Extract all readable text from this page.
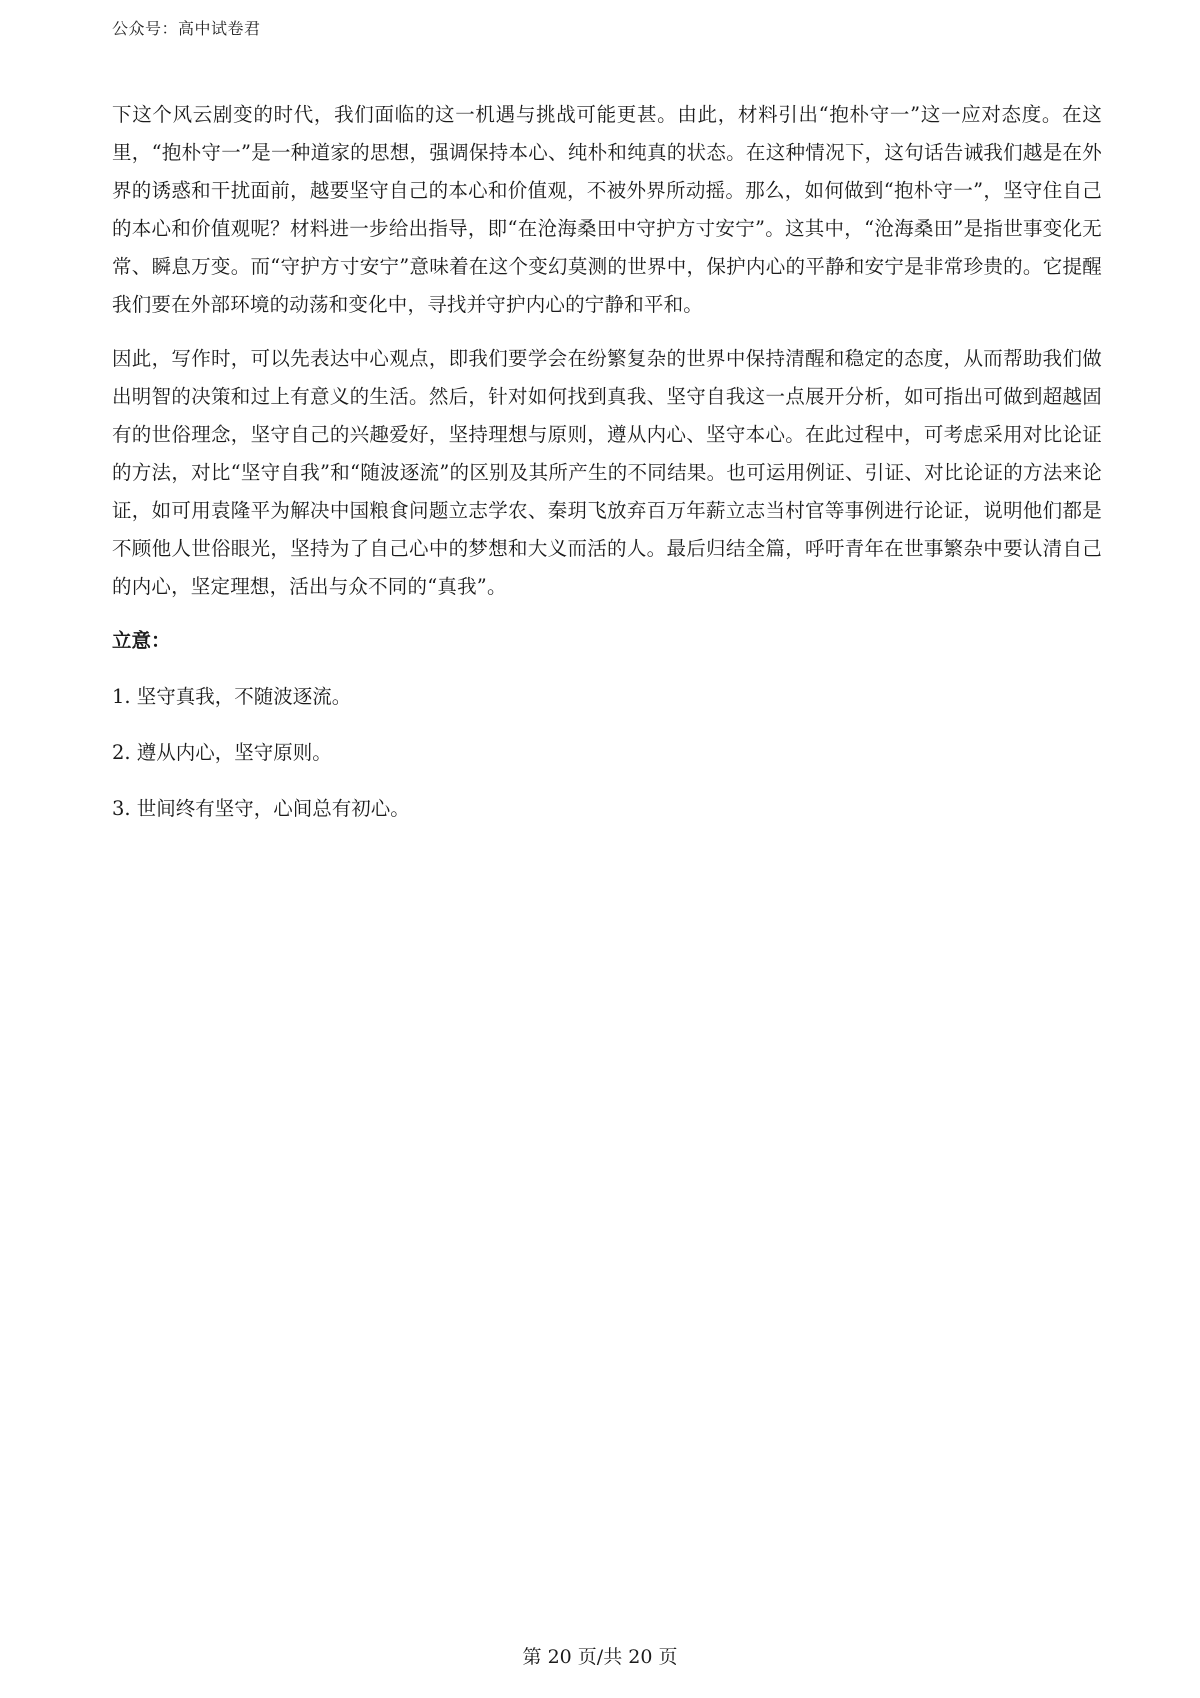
公众号：高中试卷君

下这个风云剧变的时代，我们面临的这一机遇与挑战可能更甚。由此，材料引出“抱朴守一”这一应对态度。在这里，“抱朴守一”是一种道家的思想，强调保持本心、纯朴和纯真的状态。在这种情况下，这句话告诫我们越是在外界的诱惑和干扰面前，越要坚守自己的本心和价值观，不被外界所动摇。那么，如何做到“抱朴守一”，坚守住自己的本心和价值观呢？材料进一步给出指导，即“在沧海桑田中守护方寸安宁”。这其中，“沧海桑田”是指世事变化无常、瞬息万变。而“守护方寸安宁”意味着在这个变幻莫测的世界中，保护内心的平静和安宁是非常珍贵的。它提醒我们要在外部环境的动荡和变化中，寻找并守护内心的宁静和平和。

因此，写作时，可以先表达中心观点，即我们要学会在纷繁复杂的世界中保持清醒和稳定的态度，从而帮助我们做出明智的决策和过上有意义的生活。然后，针对如何找到真我、坚守自我这一点展开分析，如可指出可做到超越固有的世俗理念，坚守自己的兴趣爱好，坚持理想与原则，遵从内心、坚守本心。在此过程中，可考虑采用对比论证的方法，对比“坚守自我”和“随波逐流”的区别及其所产生的不同结果。也可运用例证、引证、对比论证的方法来论证，如可用袁隆平为解决中国粮食问题立志学农、秦玥飞放弃百万年薪立志当村官等事例进行论证，说明他们都是不顾他人世俗眼光，坚持为了自己心中的梦想和大义而活的人。最后归结全篇，呼吁青年在世事繁杂中要认清自己的内心，坚定理想，活出与众不同的“真我”。

立意：
1. 坚守真我，不随波逐流。
2. 遵从内心，坚守原则。
3. 世间终有坚守，心间总有初心。
第 20 页/共 20 页
